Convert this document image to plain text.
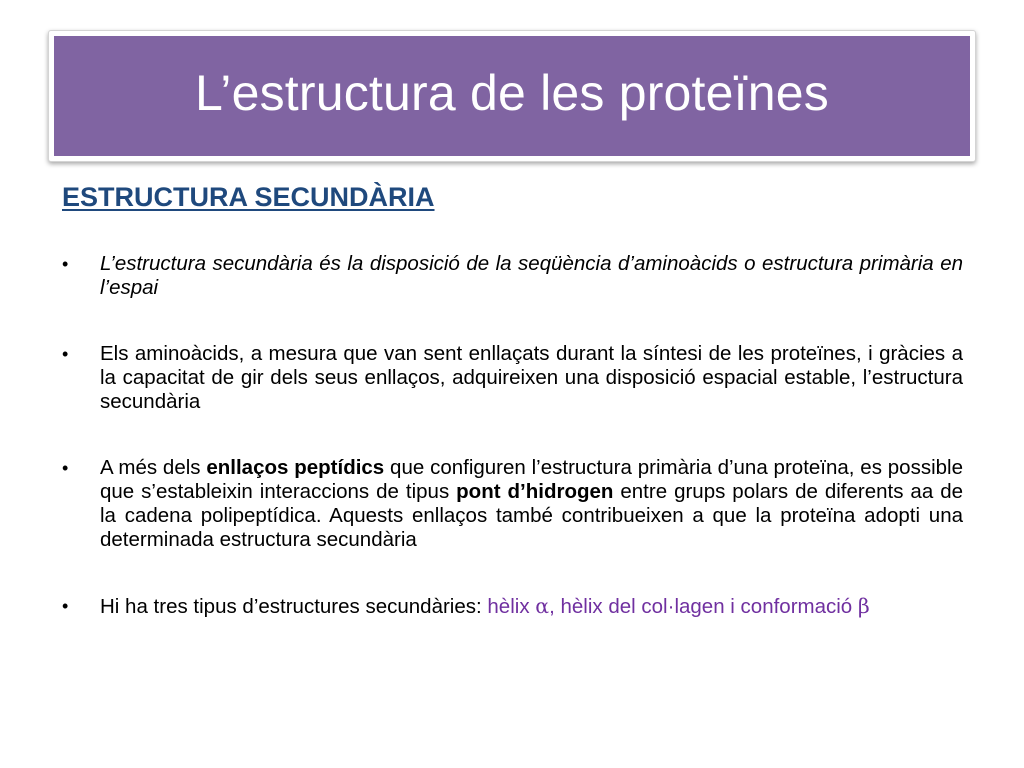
L’estructura de les proteïnes
ESTRUCTURA SECUNDÀRIA
• L’estructura secundària és la disposició de la seqüència d’aminoàcids o estructura primària en l’espai
• Els aminoàcids, a mesura que van sent enllaçats durant la síntesi de les proteïnes, i gràcies a la capacitat de gir dels seus enllaços, adquireixen una disposició espacial estable, l’estructura secundària
• A més dels enllaços peptídics que configuren l’estructura primària d’una proteïna, es possible que s’estableixin interaccions de tipus pont d’hidrogen entre grups polars de diferents aa de la cadena polipeptídica. Aquests enllaços també contribueixen a que la proteïna adopti una determinada estructura secundària
• Hi ha tres tipus d’estructures secundàries: hèlix α, hèlix del col·lagen i conformació β
